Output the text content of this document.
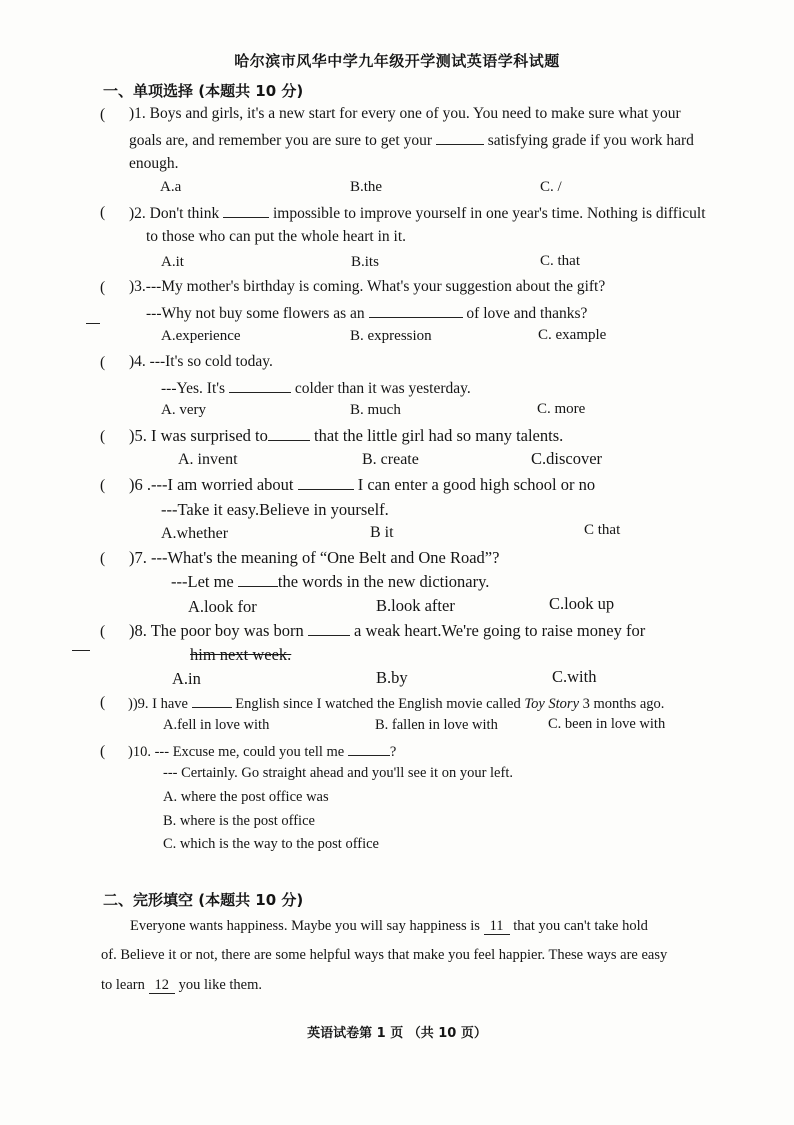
哈尔滨市风华中学九年级开学测试英语学科试题
一、单项选择 (本题共 10 分)
( )1. Boys and girls, it's a new start for every one of you. You need to make sure what your
goals are, and remember you are sure to get your	satisfying grade if you work hard
enough.
A.a	B.the	C. /
( )2. Don't think	impossible to improve yourself in one year's time. Nothing is difficult
to those who can put the whole heart in it.
A.it	B.its	C. that
( )3.---My mother's birthday is coming. What's your suggestion about the gift?
---Why not buy some flowers as an	of love and thanks?
A.experience	B. expression	C. example
( )4. ---It's so cold today.
---Yes. It's	colder than it was yesterday.
A. very	B. much	C. more
( )5. I was surprised to	that the little girl had so many talents.
A. invent	B. create	C.discover
( )6 .---I am worried about	I can enter a good high school or no
---Take it easy.Believe in yourself.
A.whether	B it	C that
( )7. ---What's the meaning of “One Belt and One Road”?
---Let me	the words in the new dictionary.
A.look for	B.look after	C.look up
( )8. The poor boy was born	a weak heart.We're going to raise money for
him next week.
A.in	B.by	C.with
( ))9. I have	English since I watched the English movie called Toy Story 3 months ago.
A.fell in love with	B. fallen in love with	C. been in love with
( )10. --- Excuse me, could you tell me	?
--- Certainly. Go straight ahead and you'll see it on your left.
A. where the post office was
B. where is the post office
C. which is the way to the post office
二、完形填空 (本题共 10 分)
Everyone wants happiness. Maybe you will say happiness is 11 that you can't take hold
of. Believe it or not, there are some helpful ways that make you feel happier. These ways are easy
to learn 12 you like them.
英语试卷第 1 页 （共 10 页）
